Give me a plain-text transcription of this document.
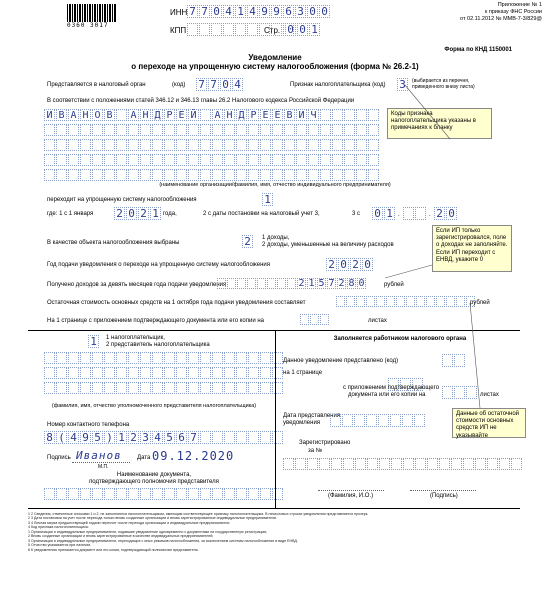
0360 3017
ИНН 7 7 0 4 1 4 9 9 6 3 0 0
КПП	Стр. 0 0 1
Приложение № 1
к приказу ФНС России
от 02.11.2012 № ММВ-7-3/829@
Форма по КНД 1150001
Уведомление
о переходе на упрощенную систему налогообложения (форма № 26.2-1)
Представляется в налоговый орган	(код) 7 7 0 4	Признак налогоплательщика (код) 3	(выбирается из перечня, приведенного внизу листа)
В соответствии с положениями статей 346.12 и 346.13 главы 26.2 Налогового кодекса Российской Федерации
И В А Н О В А Н Д Р Е Й А Н Д Р Е Е В И Ч
(наименование организации/фамилия, имя, отчество индивидуального предпринимателя)
Коды признака налогоплательщика указаны в примечаниях к бланку
переходит на упрощенную систему налогообложения	1
где: 1 с 1 января 2 0 2 1 года,	2 с даты постановки на налоговый учет 3,	3 с 0 1 .	. 2 0
В качестве объекта налогообложения выбраны	2	1 доходы,
2 доходы, уменьшенные на величину расходов
Если ИП только зарегистрировался, поле о доходах не заполняйте. Если ИП переходит с ЕНВД, укажите 0
Год подачи уведомления о переходе на упрощенную систему налогообложения	2 0 2 0
Получено доходов за девять месяцев года подачи уведомления	2 1 5 7 2 8 0	рублей
Остаточная стоимость основных средств на 1 октября года подачи уведомления составляет	рублей
На 1 странице с приложением подтверждающего документа или его копии на	листах
1	1 налогоплательщик,
2 представитель налогоплательщика
(фамилия, имя, отчество уполномоченного представителя налогоплательщика)
Номер контактного телефона
8 ( 4 9 5 ) 1 2 3 4 5 6 7
Подпись Иванов	Дата 09.12.2020
М.П.
Наименование документа,
подтверждающего полномочия представителя
Заполняется работником налогового органа
Данное уведомление представлено (код)
на 1 странице
с приложением подтверждающего
документа или его копии на	листах
Дата представления
уведомления
Зарегистрировано
за №
(Фамилия, И.О.)	(Подпись)
Данные об остаточной стоимости основных средств ИП не указывайте
1 2 Сведения, отмеченные сносками 1 и 2, не заполняются налогоплательщиком, имеющим соответствующее признаку налогоплательщика. В нечисловых строках уведомления представляется прочерк.
2 3 Дата постановки на учет после перехода только вновь созданные организации и вновь зарегистрированные индивидуальные предприниматели.
3 4 Личная мерка предшествующей подачи пересчет после перехода организации и индивидуальные предприниматели.
4 Код признака налогоплательщика:
1 Организации и индивидуальные предприниматели, подавшие уведомление одновременно с документами на государственную регистрацию;
2 Вновь созданные организации и вновь зарегистрированные в качестве индивидуальных предпринимателей;
3 Организации и индивидуальные предприниматели, переходящие с иных режимов налогообложения, за исключением системы налогообложения в виде ЕНВД.
5 Отчество указывается при наличии.
6 К уведомлению прилагается документ или его копия, подтверждающий полномочия представителя.
